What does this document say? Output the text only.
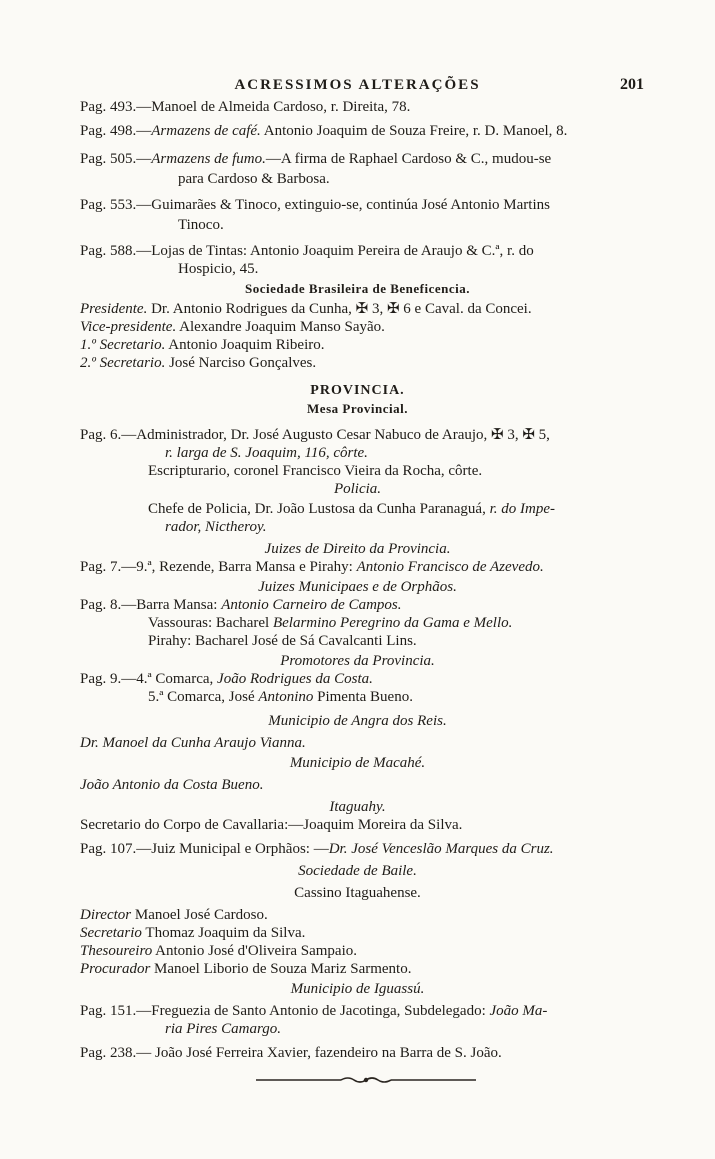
ACRESSIMOS ALTERAÇÕES	201
Pag. 493.—Manoel de Almeida Cardoso, r. Direita, 78.
Pag. 498.—Armazens de café. Antonio Joaquim de Souza Freire, r. D. Manoel, 8.
Pag. 505.—Armazens de fumo.—A firma de Raphael Cardoso & C., mudou-se
para Cardoso & Barbosa.
Pag. 553.—Guimarães & Tinoco, extinguio-se, continúa José Antonio Martins
Tinoco.
Pag. 588.—Lojas de Tintas: Antonio Joaquim Pereira de Araujo & C.ª, r. do
Hospicio, 45.
Sociedade Brasileira de Beneficencia.
Presidente. Dr. Antonio Rodrigues da Cunha, ✠ 3, ✠ 6 e Caval. da Concei.
Vice-presidente. Alexandre Joaquim Manso Sayão.
1.º Secretario. Antonio Joaquim Ribeiro.
2.º Secretario. José Narciso Gonçalves.
PROVINCIA.
Mesa Provincial.
Pag. 6.—Administrador, Dr. José Augusto Cesar Nabuco de Araujo, ✠ 3, ✠ 5,
r. larga de S. Joaquim, 116, côrte.
Escripturario, coronel Francisco Vieira da Rocha, côrte.
Policia.
Chefe de Policia, Dr. João Lustosa da Cunha Paranaguá, r. do Impe-
rador, Nictheroy.
Juizes de Direito da Provincia.
Pag. 7.—9.ª, Rezende, Barra Mansa e Pirahy: Antonio Francisco de Azevedo.
Juizes Municipaes e de Orphãos.
Pag. 8.—Barra Mansa: Antonio Carneiro de Campos.
Vassouras: Bacharel Belarmino Peregrino da Gama e Mello.
Pirahy: Bacharel José de Sá Cavalcanti Lins.
Promotores da Provincia.
Pag. 9.—4.ª Comarca, João Rodrigues da Costa.
5.ª Comarca, José Antonino Pimenta Bueno.
Municipio de Angra dos Reis.
Dr. Manoel da Cunha Araujo Vianna.
Municipio de Macahé.
João Antonio da Costa Bueno.
Itaguahy.
Secretario do Corpo de Cavallaria:—Joaquim Moreira da Silva.
Pag. 107.—Juiz Municipal e Orphãos: —Dr. José Venceslão Marques da Cruz.
Sociedade de Baile.
Cassino Itaguahense.
Director Manoel José Cardoso.
Secretario Thomaz Joaquim da Silva.
Thesoureiro Antonio José d'Oliveira Sampaio.
Procurador Manoel Liborio de Souza Mariz Sarmento.
Municipio de Iguassú.
Pag. 151.—Freguezia de Santo Antonio de Jacotinga, Subdelegado: João Ma-
ria Pires Camargo.
Pag. 238.— João José Ferreira Xavier, fazendeiro na Barra de S. João.
